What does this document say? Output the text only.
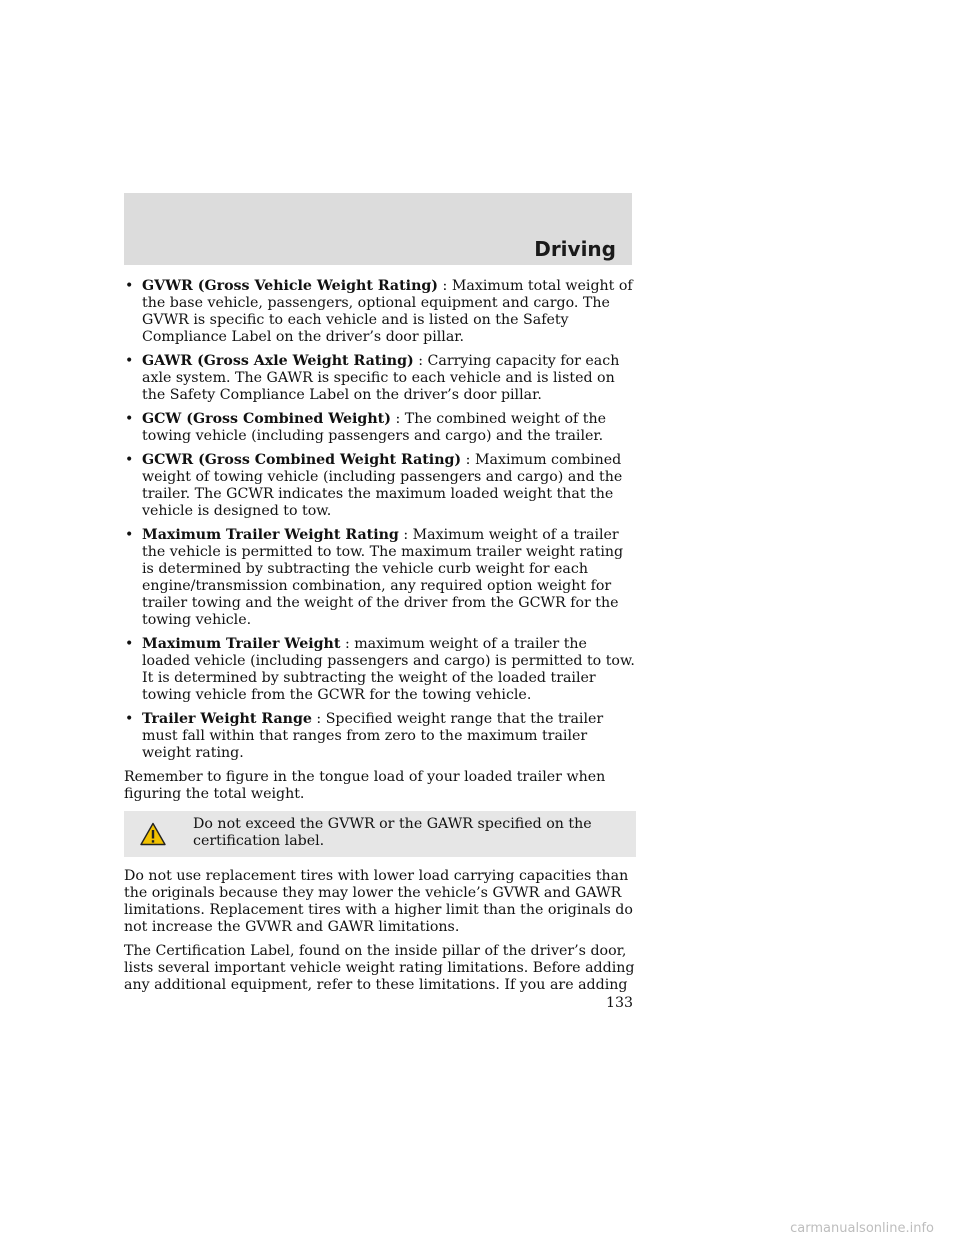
Driving
• GVWR (Gross Vehicle Weight Rating) : Maximum total weight of the base vehicle, passengers, optional equipment and cargo. The GVWR is specific to each vehicle and is listed on the Safety Compliance Label on the driver’s door pillar.
• GAWR (Gross Axle Weight Rating) : Carrying capacity for each axle system. The GAWR is specific to each vehicle and is listed on the Safety Compliance Label on the driver’s door pillar.
• GCW (Gross Combined Weight) : The combined weight of the towing vehicle (including passengers and cargo) and the trailer.
• GCWR (Gross Combined Weight Rating) : Maximum combined weight of towing vehicle (including passengers and cargo) and the trailer. The GCWR indicates the maximum loaded weight that the vehicle is designed to tow.
• Maximum Trailer Weight Rating : Maximum weight of a trailer the vehicle is permitted to tow. The maximum trailer weight rating is determined by subtracting the vehicle curb weight for each engine/transmission combination, any required option weight for trailer towing and the weight of the driver from the GCWR for the towing vehicle.
• Maximum Trailer Weight : maximum weight of a trailer the loaded vehicle (including passengers and cargo) is permitted to tow. It is determined by subtracting the weight of the loaded trailer towing vehicle from the GCWR for the towing vehicle.
• Trailer Weight Range : Specified weight range that the trailer must fall within that ranges from zero to the maximum trailer weight rating.

Remember to figure in the tongue load of your loaded trailer when figuring the total weight.

Do not exceed the GVWR or the GAWR specified on the certification label.

Do not use replacement tires with lower load carrying capacities than the originals because they may lower the vehicle’s GVWR and GAWR limitations. Replacement tires with a higher limit than the originals do not increase the GVWR and GAWR limitations.

The Certification Label, found on the inside pillar of the driver’s door, lists several important vehicle weight rating limitations. Before adding any additional equipment, refer to these limitations. If you are adding

133
carmanualsonline.info
